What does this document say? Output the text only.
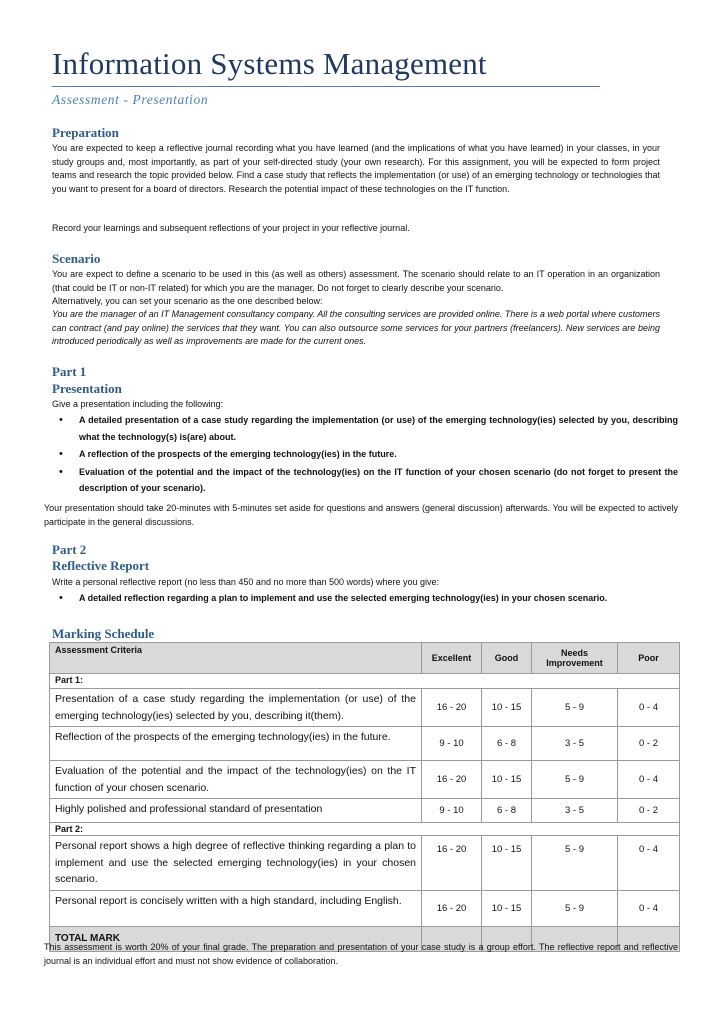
Information Systems Management
Assessment - Presentation
Preparation

You are expected to keep a reflective journal recording what you have learned (and the implications of what you have learned) in your classes, in your study groups and, most importantly, as part of your self-directed study (your own research). For this assignment, you will be expected to form project teams and research the topic provided below. Find a case study that reflects the implementation (or use) of an emerging technology or technologies that you want to present for a board of directors. Research the potential impact of these technologies on the IT function.

Record your learnings and subsequent reflections of your project in your reflective journal.

Scenario

You are expect to define a scenario to be used in this (as well as others) assessment. The scenario should relate to an IT operation in an organization (that could be IT or non-IT related) for which you are the manager. Do not forget to clearly describe your scenario.

Alternatively, you can set your scenario as the one described below:

You are the manager of an IT Management consultancy company. All the consulting services are provided online. There is a web portal where customers can contract (and pay online) the services that they want. You can also outsource some services for your partners (freelancers). New services are being introduced periodically as well as improvements are made for the current ones.

Part 1
Presentation

Give a presentation including the following:

• A detailed presentation of a case study regarding the implementation (or use) of the emerging technology(ies) selected by you, describing what the technology(s) is(are) about.
• A reflection of the prospects of the emerging technology(ies) in the future.
• Evaluation of the potential and the impact of the technology(ies) on the IT function of your chosen scenario (do not forget to present the description of your scenario).

Your presentation should take 20-minutes with 5-minutes set aside for questions and answers (general discussion) afterwards. You will be expected to actively participate in the general discussions.

Part 2
Reflective Report

Write a personal reflective report (no less than 450 and no more than 500 words) where you give:

• A detailed reflection regarding a plan to implement and use the selected emerging technology(ies) in your chosen scenario.
Marking Schedule
Assessment Criteria	Excellent	Good	Needs Improvement	Poor
Part 1:				
Presentation of a case study regarding the implementation (or use) of the emerging technology(ies) selected by you, describing it(them).	16 - 20	10 - 15	5 - 9	0 - 4
Reflection of the prospects of the emerging technology(ies) in the future.	9 - 10	6 - 8	3 - 5	0 - 2
Evaluation of the potential and the impact of the technology(ies) on the IT function of your chosen scenario.	16 - 20	10 - 15	5 - 9	0 - 4
Highly polished and professional standard of presentation	9 - 10	6 - 8	3 - 5	0 - 2
Part 2:				
Personal report shows a high degree of reflective thinking regarding a plan to implement and use the selected emerging technology(ies) in your chosen scenario.	16 - 20	10 - 15	5 - 9	0 - 4
Personal report is concisely written with a high standard, including English.	16 - 20	10 - 15	5 - 9	0 - 4
TOTAL MARK				

This assessment is worth 20% of your final grade. The preparation and presentation of your case study is a group effort. The reflective report and reflective journal is an individual effort and must not show evidence of collaboration.
